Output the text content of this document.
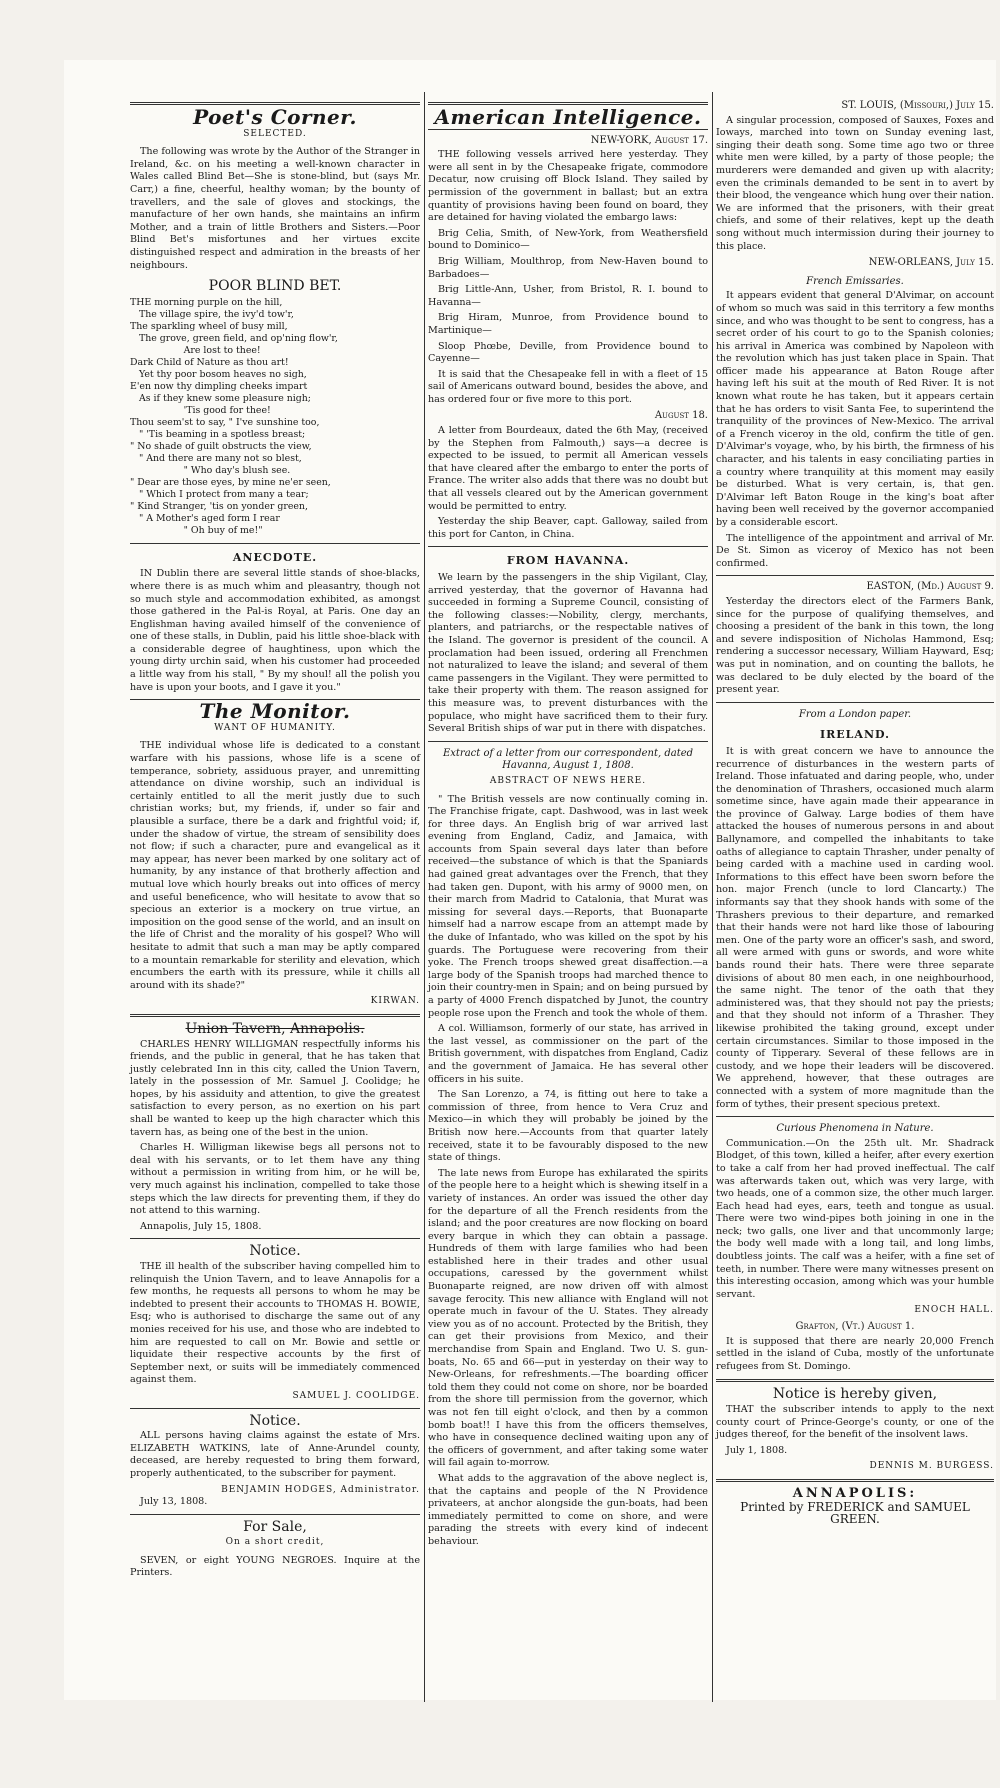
Poet's Corner.
SELECTED.

The following was wrote by the Author of the Stranger in Ireland, &c. on his meeting a well-known character in Wales called Blind Bet—She is stone-blind, but (says Mr. Carr,) a fine, cheerful, healthy woman; by the bounty of travellers, and the sale of gloves and stockings, the manufacture of her own hands, she maintains an infirm Mother, and a train of little Brothers and Sisters.—Poor Blind Bet's misfortunes and her virtues excite distinguished respect and admiration in the breasts of her neighbours.

POOR BLIND BET.
THE morning purple on the hill,
The village spire, the ivy'd tow'r,
The sparkling wheel of busy mill,
The grove, green field, and op'ning flow'r,
Are lost to thee!
Dark Child of Nature as thou art!
Yet thy poor bosom heaves no sigh,
E'en now thy dimpling cheeks impart
As if they knew some pleasure nigh;
'Tis good for thee!
Thou seem'st to say, " I've sunshine too,
" 'Tis beaming in a spotless breast;
" No shade of guilt obstructs the view,
" And there are many not so blest,
" Who day's blush see.
" Dear are those eyes, by mine ne'er seen,
" Which I protect from many a tear;
" Kind Stranger, 'tis on yonder green,
" A Mother's aged form I rear
" Oh buy of me!"
ANECDOTE.

IN Dublin there are several little stands of shoe-blacks, where there is as much whim and pleasantry, though not so much style and accommodation exhibited, as amongst those gathered in the Pal-is Royal, at Paris. One day an Englishman having availed himself of the convenience of one of these stalls, in Dublin, paid his little shoe-black with a considerable degree of haughtiness, upon which the young dirty urchin said, when his customer had proceeded a little way from his stall, " By my shoul! all the polish you have is upon your boots, and I gave it you."

The Monitor.
WANT OF HUMANITY.

THE individual whose life is dedicated to a constant warfare with his passions, whose life is a scene of temperance, sobriety, assiduous prayer, and unremitting attendance on divine worship, such an individual is certainly entitled to all the merit justly due to such christian works; but, my friends, if, under so fair and plausible a surface, there be a dark and frightful void; if, under the shadow of virtue, the stream of sensibility does not flow; if such a character, pure and evangelical as it may appear, has never been marked by one solitary act of humanity, by any instance of that brotherly affection and mutual love which hourly breaks out into offices of mercy and useful beneficence, who will hesitate to avow that so specious an exterior is a mockery on true virtue, an imposition on the good sense of the world, and an insult on the life of Christ and the morality of his gospel? Who will hesitate to admit that such a man may be aptly compared to a mountain remarkable for sterility and elevation, which encumbers the earth with its pressure, while it chills all around with its shade?"

KIRWAN.
Union Tavern, Annapolis.

CHARLES HENRY WILLIGMAN respectfully informs his friends, and the public in general, that he has taken that justly celebrated Inn in this city, called the Union Tavern, lately in the possession of Mr. Samuel J. Coolidge; he hopes, by his assiduity and attention, to give the greatest satisfaction to every person, as no exertion on his part shall be wanted to keep up the high character which this tavern has, as being one of the best in the union.

Charles H. Willigman likewise begs all persons not to deal with his servants, or to let them have any thing without a permission in writing from him, or he will be, very much against his inclination, compelled to take those steps which the law directs for preventing them, if they do not attend to this warning.

Annapolis, July 15, 1808.

Notice.

THE ill health of the subscriber having compelled him to relinquish the Union Tavern, and to leave Annapolis for a few months, he requests all persons to whom he may be indebted to present their accounts to THOMAS H. BOWIE, Esq; who is authorised to discharge the same out of any monies received for his use, and those who are indebted to him are requested to call on Mr. Bowie and settle or liquidate their respective accounts by the first of September next, or suits will be immediately commenced against them.

SAMUEL J. COOLIDGE.
Notice.

ALL persons having claims against the estate of Mrs. ELIZABETH WATKINS, late of Anne-Arundel county, deceased, are hereby requested to bring them forward, properly authenticated, to the subscriber for payment.

BENJAMIN HODGES, Administrator.

July 13, 1808.

For Sale,
On a short credit,

SEVEN, or eight YOUNG NEGROES. Inquire at the Printers.

American Intelligence.
NEW-YORK, August 17.

THE following vessels arrived here yesterday. They were all sent in by the Chesapeake frigate, commodore Decatur, now cruising off Block Island. They sailed by permission of the government in ballast; but an extra quantity of provisions having been found on board, they are detained for having violated the embargo laws:

Brig Celia, Smith, of New-York, from Weathersfield bound to Dominico—

Brig William, Moulthrop, from New-Haven bound to Barbadoes—

Brig Little-Ann, Usher, from Bristol, R. I. bound to Havanna—

Brig Hiram, Munroe, from Providence bound to Martinique—

Sloop Phœbe, Deville, from Providence bound to Cayenne—

It is said that the Chesapeake fell in with a fleet of 15 sail of Americans outward bound, besides the above, and has ordered four or five more to this port.

August 18.

A letter from Bourdeaux, dated the 6th May, (received by the Stephen from Falmouth,) says—a decree is expected to be issued, to permit all American vessels that have cleared after the embargo to enter the ports of France. The writer also adds that there was no doubt but that all vessels cleared out by the American government would be permitted to entry.

Yesterday the ship Beaver, capt. Galloway, sailed from this port for Canton, in China.

FROM HAVANNA.

We learn by the passengers in the ship Vigilant, Clay, arrived yesterday, that the governor of Havanna had succeeded in forming a Supreme Council, consisting of the following classes:—Nobility, clergy, merchants, planters, and patriarchs, or the respectable natives of the Island. The governor is president of the council. A proclamation had been issued, ordering all Frenchmen not naturalized to leave the island; and several of them came passengers in the Vigilant. They were permitted to take their property with them. The reason assigned for this measure was, to prevent disturbances with the populace, who might have sacrificed them to their fury. Several British ships of war put in there with dispatches.

Extract of a letter from our correspondent, dated Havanna, August 1, 1808.
ABSTRACT OF NEWS HERE.

" The British vessels are now continually coming in. The Franchise frigate, capt. Dashwood, was in last week for three days. An English brig of war arrived last evening from England, Cadiz, and Jamaica, with accounts from Spain several days later than before received—the substance of which is that the Spaniards had gained great advantages over the French, that they had taken gen. Dupont, with his army of 9000 men, on their march from Madrid to Catalonia, that Murat was missing for several days.—Reports, that Buonaparte himself had a narrow escape from an attempt made by the duke of Infantado, who was killed on the spot by his guards. The Portuguese were recovering from their yoke. The French troops shewed great disaffection.—a large body of the Spanish troops had marched thence to join their country-men in Spain; and on being pursued by a party of 4000 French dispatched by Junot, the country people rose upon the French and took the whole of them.

A col. Williamson, formerly of our state, has arrived in the last vessel, as commissioner on the part of the British government, with dispatches from England, Cadiz and the government of Jamaica. He has several other officers in his suite.

The San Lorenzo, a 74, is fitting out here to take a commission of three, from hence to Vera Cruz and Mexico—in which they will probably be joined by the British now here.—Accounts from that quarter lately received, state it to be favourably disposed to the new state of things.

The late news from Europe has exhilarated the spirits of the people here to a height which is shewing itself in a variety of instances. An order was issued the other day for the departure of all the French residents from the island; and the poor creatures are now flocking on board every barque in which they can obtain a passage. Hundreds of them with large families who had been established here in their trades and other usual occupations, caressed by the government whilst Buonaparte reigned, are now driven off with almost savage ferocity. This new alliance with England will not operate much in favour of the U. States. They already view you as of no account. Protected by the British, they can get their provisions from Mexico, and their merchandise from Spain and England. Two U. S. gun-boats, No. 65 and 66—put in yesterday on their way to New-Orleans, for refreshments.—The boarding officer told them they could not come on shore, nor be boarded from the shore till permission from the governor, which was not fen till eight o'clock, and then by a common bomb boat!! I have this from the officers themselves, who have in consequence declined waiting upon any of the officers of government, and after taking some water will fail again to-morrow.

What adds to the aggravation of the above neglect is, that the captains and people of the N Providence privateers, at anchor alongside the gun-boats, had been immediately permitted to come on shore, and were parading the streets with every kind of indecent behaviour.

ST. LOUIS, (Missouri,) July 15.

A singular procession, composed of Sauxes, Foxes and Ioways, marched into town on Sunday evening last, singing their death song. Some time ago two or three white men were killed, by a party of those people; the murderers were demanded and given up with alacrity; even the criminals demanded to be sent in to avert by their blood, the vengeance which hung over their nation. We are informed that the prisoners, with their great chiefs, and some of their relatives, kept up the death song without much intermission during their journey to this place.

NEW-ORLEANS, July 15.
French Emissaries.

It appears evident that general D'Alvimar, on account of whom so much was said in this territory a few months since, and who was thought to be sent to congress, has a secret order of his court to go to the Spanish colonies; his arrival in America was combined by Napoleon with the revolution which has just taken place in Spain. That officer made his appearance at Baton Rouge after having left his suit at the mouth of Red River. It is not known what route he has taken, but it appears certain that he has orders to visit Santa Fee, to superintend the tranquility of the provinces of New-Mexico. The arrival of a French viceroy in the old, confirm the title of gen. D'Alvimar's voyage, who, by his birth, the firmness of his character, and his talents in easy conciliating parties in a country where tranquility at this moment may easily be disturbed. What is very certain, is, that gen. D'Alvimar left Baton Rouge in the king's boat after having been well received by the governor accompanied by a considerable escort.

The intelligence of the appointment and arrival of Mr. De St. Simon as viceroy of Mexico has not been confirmed.

EASTON, (Md.) August 9.

Yesterday the directors elect of the Farmers Bank, since for the purpose of qualifying themselves, and choosing a president of the bank in this town, the long and severe indisposition of Nicholas Hammond, Esq; rendering a successor necessary, William Hayward, Esq; was put in nomination, and on counting the ballots, he was declared to be duly elected by the board of the present year.

From a London paper.
IRELAND.

It is with great concern we have to announce the recurrence of disturbances in the western parts of Ireland. Those infatuated and daring people, who, under the denomination of Thrashers, occasioned much alarm sometime since, have again made their appearance in the province of Galway. Large bodies of them have attacked the houses of numerous persons in and about Ballynamore, and compelled the inhabitants to take oaths of allegiance to captain Thrasher, under penalty of being carded with a machine used in carding wool. Informations to this effect have been sworn before the hon. major French (uncle to lord Clancarty.) The informants say that they shook hands with some of the Thrashers previous to their departure, and remarked that their hands were not hard like those of labouring men. One of the party wore an officer's sash, and sword, all were armed with guns or swords, and wore white bands round their hats. There were three separate divisions of about 80 men each, in one neighbourhood, the same night. The tenor of the oath that they administered was, that they should not pay the priests; and that they should not inform of a Thrasher. They likewise prohibited the taking ground, except under certain circumstances. Similar to those imposed in the county of Tipperary. Several of these fellows are in custody, and we hope their leaders will be discovered. We apprehend, however, that these outrages are connected with a system of more magnitude than the form of tythes, their present specious pretext.

Curious Phenomena in Nature.

Communication.—On the 25th ult. Mr. Shadrack Blodget, of this town, killed a heifer, after every exertion to take a calf from her had proved ineffectual. The calf was afterwards taken out, which was very large, with two heads, one of a common size, the other much larger. Each head had eyes, ears, teeth and tongue as usual. There were two wind-pipes both joining in one in the neck; two galls, one liver and that uncommonly large; the body well made with a long tail, and long limbs, doubtless joints. The calf was a heifer, with a fine set of teeth, in number. There were many witnesses present on this interesting occasion, among which was your humble servant.

ENOCH HALL.
Grafton, (Vt.) August 1.

It is supposed that there are nearly 20,000 French settled in the island of Cuba, mostly of the unfortunate refugees from St. Domingo.

Notice is hereby given,

THAT the subscriber intends to apply to the next county court of Prince-George's county, or one of the judges thereof, for the benefit of the insolvent laws.

July 1, 1808.

DENNIS M. BURGESS.
ANNAPOLIS:
Printed by FREDERICK and SAMUEL
GREEN.
